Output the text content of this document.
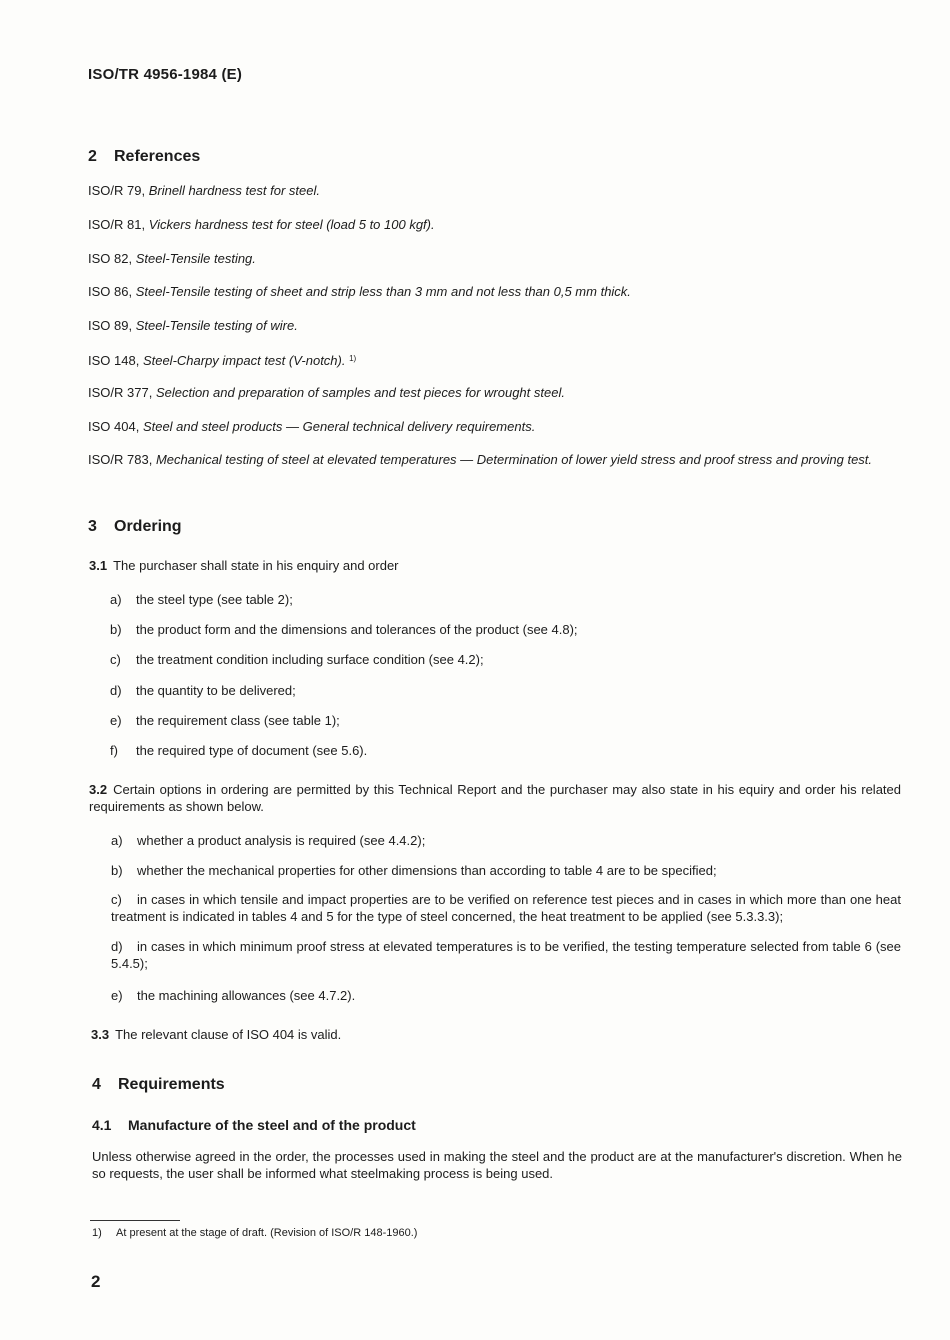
ISO/TR 4956-1984 (E)
2 References
ISO/R 79, Brinell hardness test for steel.
ISO/R 81, Vickers hardness test for steel (load 5 to 100 kgf).
ISO 82, Steel-Tensile testing.
ISO 86, Steel-Tensile testing of sheet and strip less than 3 mm and not less than 0,5 mm thick.
ISO 89, Steel-Tensile testing of wire.
ISO 148, Steel-Charpy impact test (V-notch). $^{1)}$
ISO/R 377, Selection and preparation of samples and test pieces for wrought steel.
ISO 404, Steel and steel products — General technical delivery requirements.
ISO/R 783, Mechanical testing of steel at elevated temperatures — Determination of lower yield stress and proof stress and proving test.
3 Ordering
3.1 The purchaser shall state in his enquiry and order
a) the steel type (see table 2);
b) the product form and the dimensions and tolerances of the product (see 4.8);
c) the treatment condition including surface condition (see 4.2);
d) the quantity to be delivered;
e) the requirement class (see table 1);
f) the required type of document (see 5.6).
3.2 Certain options in ordering are permitted by this Technical Report and the purchaser may also state in his equiry and order his related requirements as shown below.
a) whether a product analysis is required (see 4.4.2);
b) whether the mechanical properties for other dimensions than according to table 4 are to be specified;
c) in cases in which tensile and impact properties are to be verified on reference test pieces and in cases in which more than one heat treatment is indicated in tables 4 and 5 for the type of steel concerned, the heat treatment to be applied (see 5.3.3.3);
d) in cases in which minimum proof stress at elevated temperatures is to be verified, the testing temperature selected from table 6 (see 5.4.5);
e) the machining allowances (see 4.7.2).
3.3 The relevant clause of ISO 404 is valid.
4 Requirements
4.1 Manufacture of the steel and of the product
Unless otherwise agreed in the order, the processes used in making the steel and the product are at the manufacturer's discretion. When he so requests, the user shall be informed what steelmaking process is being used.
1) At present at the stage of draft. (Revision of ISO/R 148-1960.)
2
